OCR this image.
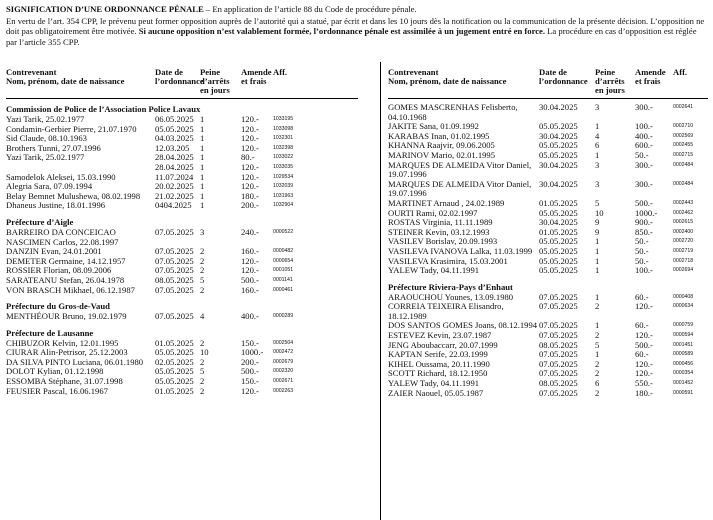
SIGNIFICATION D’UNE ORDONNANCE PÉNALE – En application de l’article 88 du Code de procédure pénale.

En vertu de l’art. 354 CPP, le prévenu peut former opposition auprès de l’autorité qui a statué, par écrit et dans les 10 jours dès la notification ou la communication de la présente décision. L’opposition ne doit pas obligatoirement être motivée. Si aucune opposition n’est valablement formée, l’ordonnance pénale est assimilée à un jugement entré en force. La procédure en cas d’opposition est réglée par l’article 355 CPP.

Contrevenant
Nom, prénom, date de naissance
Date de
l’ordonnance
Peine
d’arrêts
en jours
Amende
et frais
Aff.
Commission de Police de l’Association Police Lavaux
Yazi Tarik, 25.02.1977	06.05.2025 1	120.-	1033195
Condamin-Gerbier Pierre, 21.07.1970	05.05.2025 1	120.-	1033098
Sid Claude, 08.10.1963	04.03.2025 1	120.-	1032301
Brothers Tunni, 27.07.1996	12.03.205	1	120.-	1032398
Yazi Tarik, 25.02.1977	28.04.2025 1	80.-	1033022
28.04.2025 1	120.-	1033035
Samodelok Aleksei, 15.03.1990	11.07.2024 1	120.-	1029534
Alegria Sara, 07.09.1994	20.02.2025 1	120.-	1032039
Belay Bemnet Mulushewa, 08.02.1998	21.02.2025 1	180.-	1031963
Dhaneus Justine, 18.01.1996	0404.2025 1	200.-	1032904
Préfecture d’Aigle
BARREIRO DA CONCEICAO NASCIMEN Carlos, 22.08.1997
07.05.2025 3	240.-	0000522
DANZIN Evan, 24.01.2001	07.05.2025 2	160.-	0000482
DEMETER Germaine, 14.12.1957	07.05.2025 2	120.-	0000654
ROSSIER Florian, 08.09.2006	07.05.2025 2	120.-	0001051
SARATEANU Stefan, 26.04.1978	08.05.2025 5	500.-	0001141
VON BRASCH Mikhael, 06.12.1987	07.05.2025 2	160.-	0000461
Préfecture du Gros-de-Vaud
MENTHÉOUR Bruno, 19.02.1979	07.05.2025 4	400.-	0000289
Préfecture de Lausanne
CHIBUZOR Kelvin, 12.01.1995	01.05.2025 2	150.-	0002504
CIURAR Alin-Petrisor, 25.12.2003	05.05.2025 10	1000.-	0002472
DA SILVA PINTO Luciana, 06.01.1980	02.05.2025 2	200.-	0002679
DOLOT Kylian, 01.12.1998	05.05.2025 5	500.-	0002320
ESSOMBA Stéphane, 31.07.1998	05.05.2025 2	150.-	0002671
FEUSIER Pascal, 16.06.1967	01.05.2025 2	120.-	0002263
Contrevenant
Nom, prénom, date de naissance
Date de
l’ordonnance
Peine
d’arrêts
en jours
Amende
et frais
Aff.
GOMES MASCRENHAS Felisberto, 04.10.1968
30.04.2025	3	300.-	0002641
JAKITE Sana, 01.09.1992	05.05.2025	1	100.-	0002710
KARABAS Inan, 01.02.1995	30.04.2025	4	400.-	0002569
KHANNA Raajvir, 09.06.2005	05.05.2025	6	600.-	0002455
MARINOV Mario, 02.01.1995	05.05.2025	1	50.-	0002715
MARQUES DE ALMEIDA Vitor Daniel, 19.07.1996
30.04.2025	3	300.-	0002484
MARQUES DE ALMEIDA Vitor Daniel, 19.07.1996
30.04.2025	3	300.-	0002484
MARTINET Arnaud , 24.02.1989	01.05.2025	5	500.-	0002443
OURTI Rami, 02.02.1997	05.05.2025	10	1000.-	0002462
ROSTAS Virginia, 11.11.1989	30.04.2025	9	900.-	0002615
STEINER Kevin, 03.12.1993	01.05.2025	9	850.-	0002400
VASILEV Borislav, 20.09.1993	05.05.2025	1	50.-	0002720
VASILEVA IVANOVA Lalka, 11.03.1999 05.05.2025	1	50.-	0002719
VASILEVA Krasimira, 15.03.2001	05.05.2025	1	50.-	0002718
YALEW Tady, 04.11.1991	05.05.2025	1	100.-	0002694
Préfecture Riviera-Pays d’Enhaut
ARAOUCHOU Younes, 13.09.1980	07.05.2025	1	60.-	0000408
CORREIA TEIXEIRA Elisandro, 18.12.1989
07.05.2025	2	120.-	0000634
DOS SANTOS GOMES Joans, 08.12.1994 07.05.2025	1	60.-	0000759
ESTEVEZ Kevin, 23.07.1987	07.05.2025	2	120.-	0000594
JENG Aboubaccarr, 20.07.1999	08.05.2025	5	500.-	0001451
KAPTAN Serife, 22.03.1999	07.05.2025	1	60.-	0000589
KIHEL Oussama, 20.11.1990	07.05.2025	2	120.-	0000456
SCOTT Richard, 18.12.1950	07.05.2025	2	120.-	0000354
YALEW Tady, 04.11.1991	08.05.2025	6	550.-	0001452
ZAIER Naouel, 05.05.1987	07.05.2025	2	180.-	0000591
